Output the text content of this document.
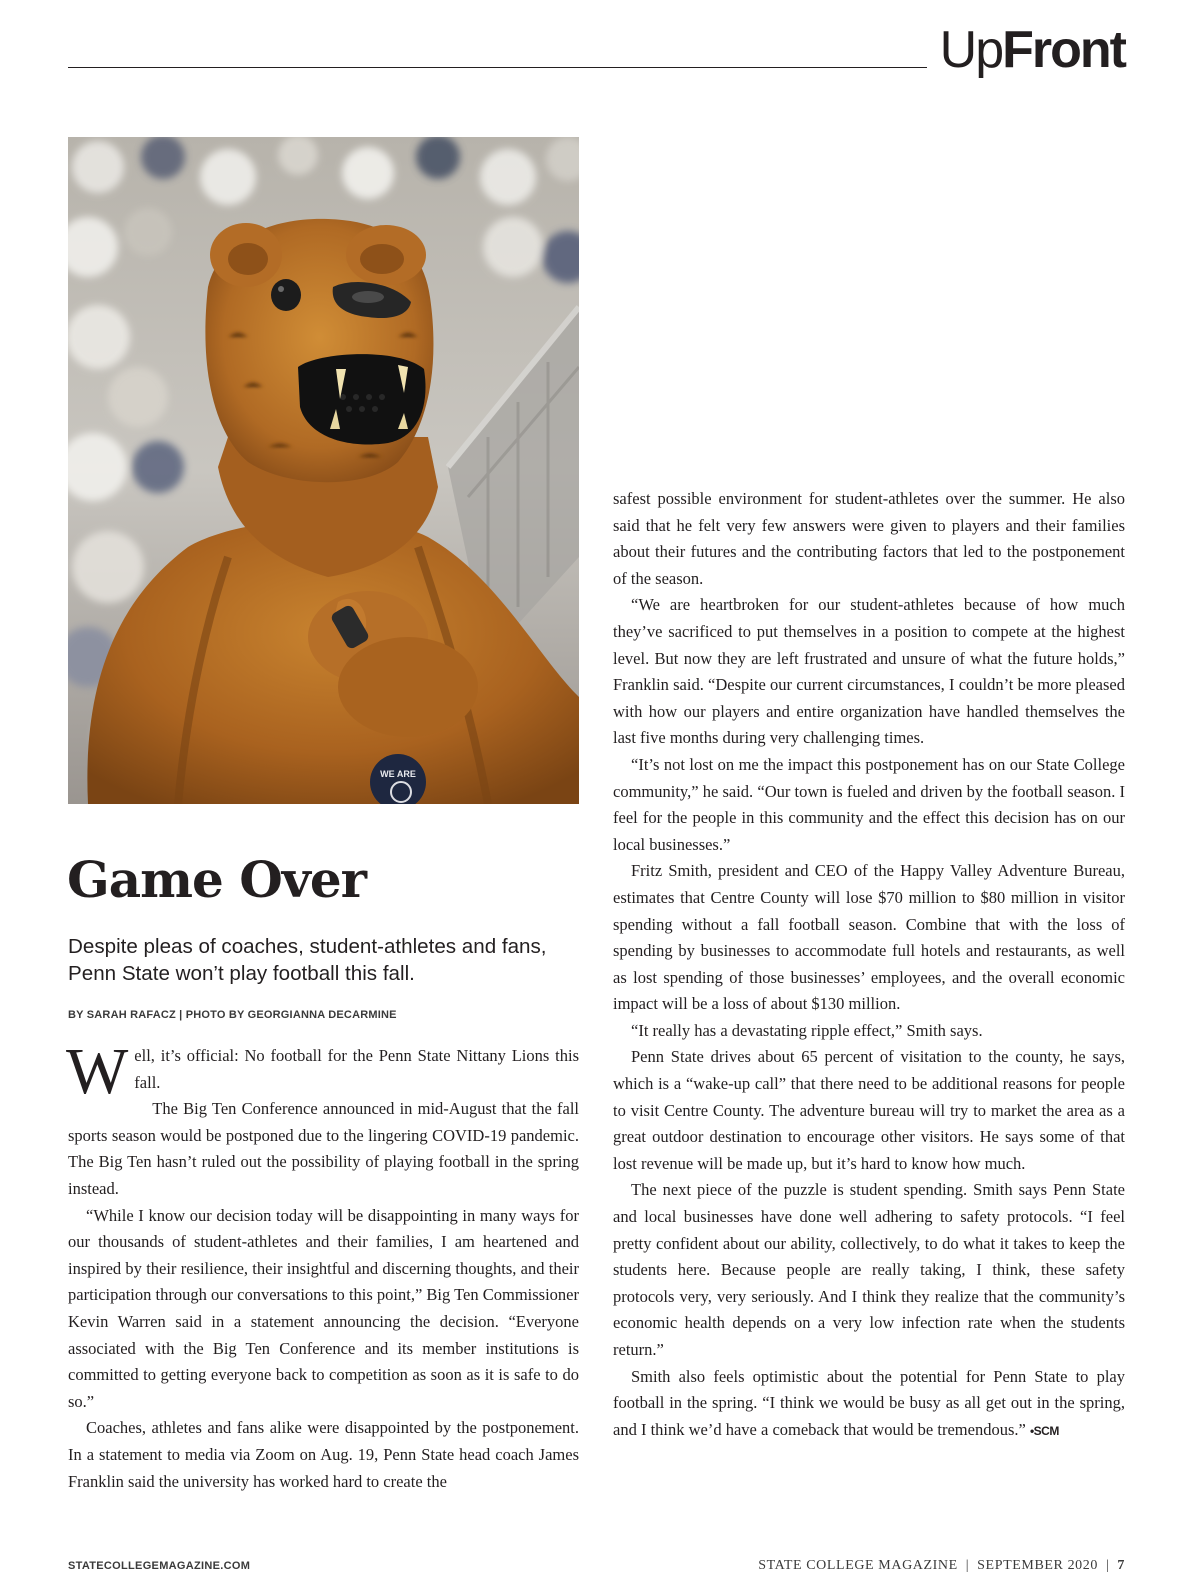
UpFront
WE ARE
Game Over
Despite pleas of coaches, student-athletes and fans, Penn State won’t play football this fall.
BY SARAH RAFACZ | PHOTO BY GEORGIANNA DECARMINE

Well, it’s official: No football for the Penn State Nittany Lions this fall.

The Big Ten Conference announced in mid-August that the fall sports season would be postponed due to the lingering COVID-19 pandemic. The Big Ten hasn’t ruled out the possibility of playing football in the spring instead.

“While I know our decision today will be disappointing in many ways for our thousands of student-athletes and their families, I am heartened and inspired by their resilience, their insightful and discerning thoughts, and their participation through our conversations to this point,” Big Ten Commissioner Kevin Warren said in a statement announcing the decision. “Everyone associated with the Big Ten Conference and its member institutions is committed to getting everyone back to competition as soon as it is safe to do so.”

Coaches, athletes and fans alike were disappointed by the postponement. In a statement to media via Zoom on Aug. 19, Penn State head coach James Franklin said the university has worked hard to create the

safest possible environment for student-athletes over the summer. He also said that he felt very few answers were given to players and their families about their futures and the contributing factors that led to the postponement of the season.

“We are heartbroken for our student-athletes because of how much they’ve sacrificed to put themselves in a position to compete at the highest level. But now they are left frustrated and unsure of what the future holds,” Franklin said. “Despite our current circumstances, I couldn’t be more pleased with how our players and entire organization have handled themselves the last five months during very challenging times.

“It’s not lost on me the impact this postponement has on our State College community,” he said. “Our town is fueled and driven by the football season. I feel for the people in this community and the effect this decision has on our local businesses.”

Fritz Smith, president and CEO of the Happy Valley Adventure Bureau, estimates that Centre County will lose $70 million to $80 million in visitor spending without a fall football season. Combine that with the loss of spending by businesses to accommodate full hotels and restaurants, as well as lost spending of those businesses’ employees, and the overall economic impact will be a loss of about $130 million.

“It really has a devastating ripple effect,” Smith says.

Penn State drives about 65 percent of visitation to the county, he says, which is a “wake-up call” that there need to be additional reasons for people to visit Centre County. The adventure bureau will try to market the area as a great outdoor destination to encourage other visitors. He says some of that lost revenue will be made up, but it’s hard to know how much.

The next piece of the puzzle is student spending. Smith says Penn State and local businesses have done well adhering to safety protocols. “I feel pretty confident about our ability, collectively, to do what it takes to keep the students here. Because people are really taking, I think, these safety protocols very, very seriously. And I think they realize that the community’s economic health depends on a very low infection rate when the students return.”

Smith also feels optimistic about the potential for Penn State to play football in the spring. “I think we would be busy as all get out in the spring, and I think we’d have a comeback that would be tremendous.” •SCM

STATECOLLEGEMAGAZINE.COM	STATE COLLEGE MAGAZINE | SEPTEMBER 2020 | 7
